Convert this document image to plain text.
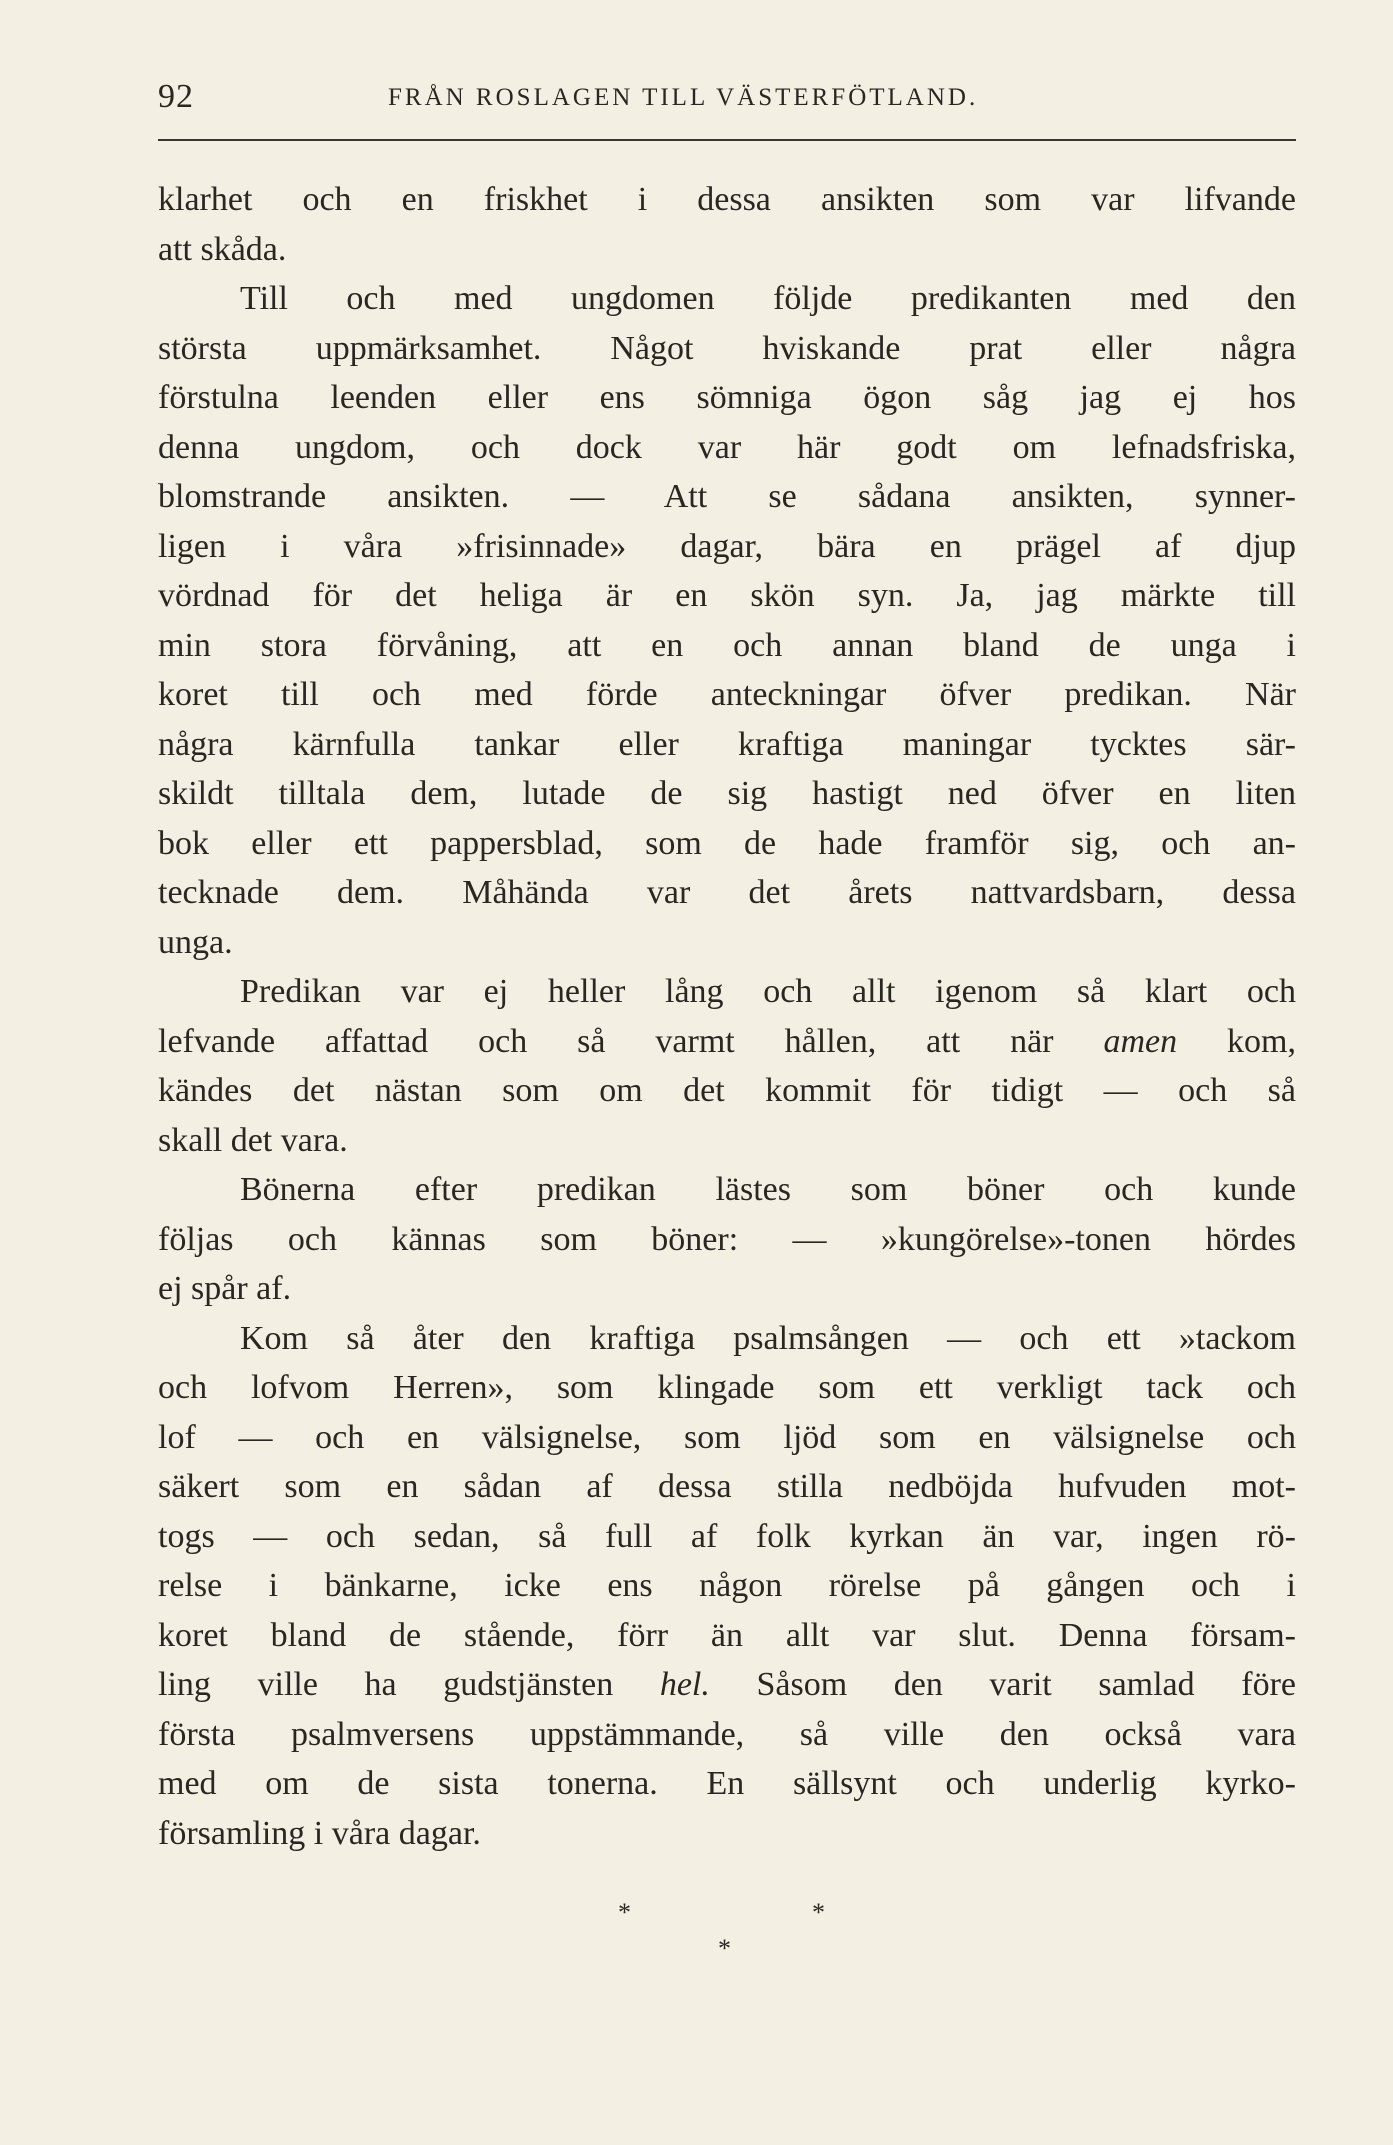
92	FRÅN ROSLAGEN TILL VÄSTERFÖTLAND.
klarhet och en friskhet i dessa ansikten som var lifvande
att skåda.
Till och med ungdomen följde predikanten med den
största uppmärksamhet. Något hviskande prat eller några
förstulna leenden eller ens sömniga ögon såg jag ej hos
denna ungdom, och dock var här godt om lefnadsfriska,
blomstrande ansikten. — Att se sådana ansikten, synner-
ligen i våra »frisinnade» dagar, bära en prägel af djup
vördnad för det heliga är en skön syn. Ja, jag märkte till
min stora förvåning, att en och annan bland de unga i
koret till och med förde anteckningar öfver predikan. När
några kärnfulla tankar eller kraftiga maningar tycktes sär-
skildt tilltala dem, lutade de sig hastigt ned öfver en liten
bok eller ett pappersblad, som de hade framför sig, och an-
tecknade dem. Måhända var det årets nattvardsbarn, dessa
unga.
Predikan var ej heller lång och allt igenom så klart och
lefvande affattad och så varmt hållen, att när amen kom,
kändes det nästan som om det kommit för tidigt — och så
skall det vara.
Bönerna efter predikan lästes som böner och kunde
följas och kännas som böner: — »kungörelse»-tonen hördes
ej spår af.
Kom så åter den kraftiga psalmsången — och ett »tackom
och lofvom Herren», som klingade som ett verkligt tack och
lof — och en välsignelse, som ljöd som en välsignelse och
säkert som en sådan af dessa stilla nedböjda hufvuden mot-
togs — och sedan, så full af folk kyrkan än var, ingen rö-
relse i bänkarne, icke ens någon rörelse på gången och i
koret bland de stående, förr än allt var slut. Denna försam-
ling ville ha gudstjänsten hel. Såsom den varit samlad före
första psalmversens uppstämmande, så ville den också vara
med om de sista tonerna. En sällsynt och underlig kyrko-
församling i våra dagar.
*	*
*
